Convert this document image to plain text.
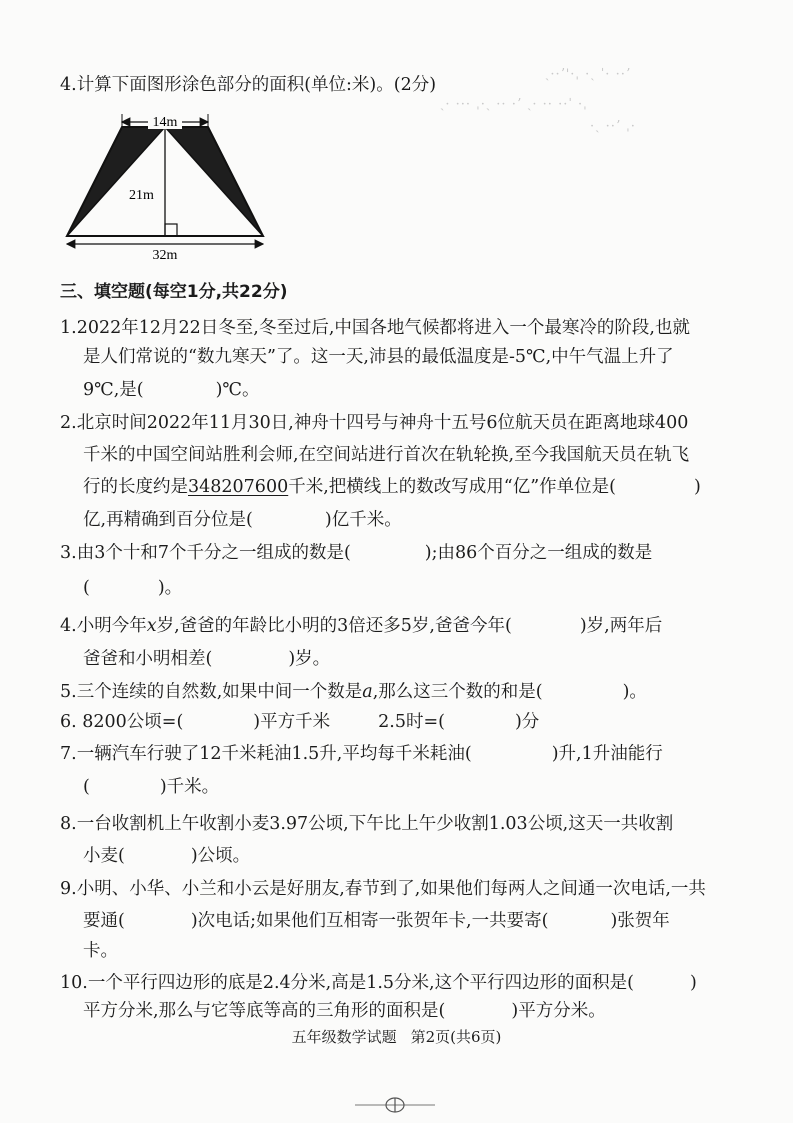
ˎ··ʼ'·ˌ ·ˎ ˈ· ··ʼ
ˎ· ··· ˌ·ˎ ·· ·ʼ ˎ· ·· ··ˈ ·ˌ
·ˎ ··ʼ ˌ·
4.计算下面图形涂色部分的面积(单位:米)。(2分)
14m
21m
32m
三、填空题(每空1分,共22分)
1.2022年12月22日冬至,冬至过后,中国各地气候都将进入一个最寒冷的阶段,也就
是人们常说的“数九寒天”了。这一天,沛县的最低温度是-5℃,中午气温上升了
9℃,是(	)℃。
2.北京时间2022年11月30日,神舟十四号与神舟十五号6位航天员在距离地球400
千米的中国空间站胜利会师,在空间站进行首次在轨轮换,至今我国航天员在轨飞
行的长度约是348207600千米,把横线上的数改写成用“亿”作单位是(	)
亿,再精确到百分位是(	)亿千米。
3.由3个十和7个千分之一组成的数是(	);由86个百分之一组成的数是
(	)。
4.小明今年x岁,爸爸的年龄比小明的3倍还多5岁,爸爸今年(	)岁,两年后
爸爸和小明相差(	)岁。
5.三个连续的自然数,如果中间一个数是a,那么这三个数的和是(	)。
6. 8200公顷=(	)平方千米	2.5时=(	)分
7.一辆汽车行驶了12千米耗油1.5升,平均每千米耗油(	)升,1升油能行
(	)千米。
8.一台收割机上午收割小麦3.97公顷,下午比上午少收割1.03公顷,这天一共收割
小麦(	)公顷。
9.小明、小华、小兰和小云是好朋友,春节到了,如果他们每两人之间通一次电话,一共
要通(	)次电话;如果他们互相寄一张贺年卡,一共要寄(	)张贺年
卡。
10.一个平行四边形的底是2.4分米,高是1.5分米,这个平行四边形的面积是(	)
平方分米,那么与它等底等高的三角形的面积是(	)平方分米。
五年级数学试题 第2页(共6页)
